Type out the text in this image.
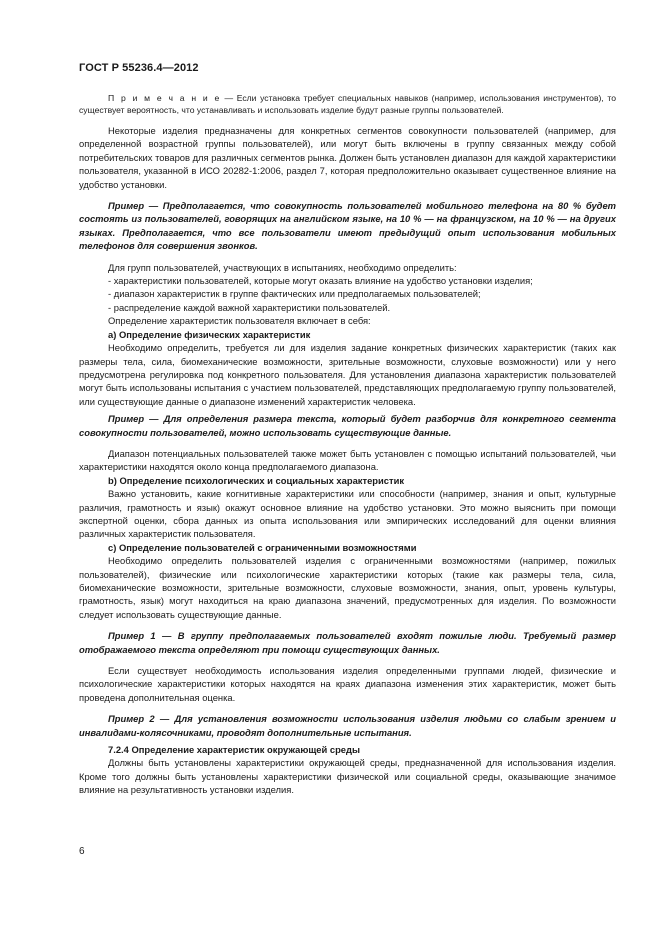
ГОСТ Р 55236.4—2012

П р и м е ч а н и е — Если установка требует специальных навыков (например, использования инструментов), то существует вероятность, что устанавливать и использовать изделие будут разные группы пользователей.

Некоторые изделия предназначены для конкретных сегментов совокупности пользователей (например, для определенной возрастной группы пользователей), или могут быть включены в группу связанных между собой потребительских товаров для различных сегментов рынка. Должен быть установлен диапазон для каждой характеристики пользователя, указанной в ИСО 20282-1:2006, раздел 7, которая предположительно оказывает существенное влияние на удобство установки.

Пример — Предполагается, что совокупность пользователей мобильного телефона на 80 % будет состоять из пользователей, говорящих на английском языке, на 10 % — на французском, на 10 % — на других языках. Предполагается, что все пользователи имеют предыдущий опыт использования мобильных телефонов для совершения звонков.

Для групп пользователей, участвующих в испытаниях, необходимо определить:

- характеристики пользователей, которые могут оказать влияние на удобство установки изделия;

- диапазон характеристик в группе фактических или предполагаемых пользователей;

- распределение каждой важной характеристики пользователей.

Определение характеристик пользователя включает в себя:

a) Определение физических характеристик

Необходимо определить, требуется ли для изделия задание конкретных физических характеристик (таких как размеры тела, сила, биомеханические возможности, зрительные возможности, слуховые возможности) или у него предусмотрена регулировка под конкретного пользователя. Для установления диапазона характеристик пользователей могут быть использованы испытания с участием пользователей, представляющих предполагаемую группу пользователей, или существующие данные о диапазоне изменений характеристик человека.

Пример — Для определения размера текста, который будет разборчив для конкретного сегмента совокупности пользователей, можно использовать существующие данные.

Диапазон потенциальных пользователей также может быть установлен с помощью испытаний пользователей, чьи характеристики находятся около конца предполагаемого диапазона.

b) Определение психологических и социальных характеристик

Важно установить, какие когнитивные характеристики или способности (например, знания и опыт, культурные различия, грамотность и язык) окажут основное влияние на удобство установки. Это можно выяснить при помощи экспертной оценки, сбора данных из опыта использования или эмпирических исследований для оценки влияния различных характеристик пользователя.

c) Определение пользователей с ограниченными возможностями

Необходимо определить пользователей изделия с ограниченными возможностями (например, пожилых пользователей), физические или психологические характеристики которых (такие как размеры тела, сила, биомеханические возможности, зрительные возможности, слуховые возможности, знания, опыт, уровень культуры, грамотность, язык) могут находиться на краю диапазона значений, предусмотренных для изделия. По возможности следует использовать существующие данные.

Пример 1 — В группу предполагаемых пользователей входят пожилые люди. Требуемый размер отображаемого текста определяют при помощи существующих данных.

Если существует необходимость использования изделия определенными группами людей, физические и психологические характеристики которых находятся на краях диапазона изменения этих характеристик, может быть проведена дополнительная оценка.

Пример 2 — Для установления возможности использования изделия людьми со слабым зрением и инвалидами-колясочниками, проводят дополнительные испытания.

7.2.4 Определение характеристик окружающей среды

Должны быть установлены характеристики окружающей среды, предназначенной для использования изделия. Кроме того должны быть установлены характеристики физической или социальной среды, оказывающие значимое влияние на результативность установки изделия.

6
